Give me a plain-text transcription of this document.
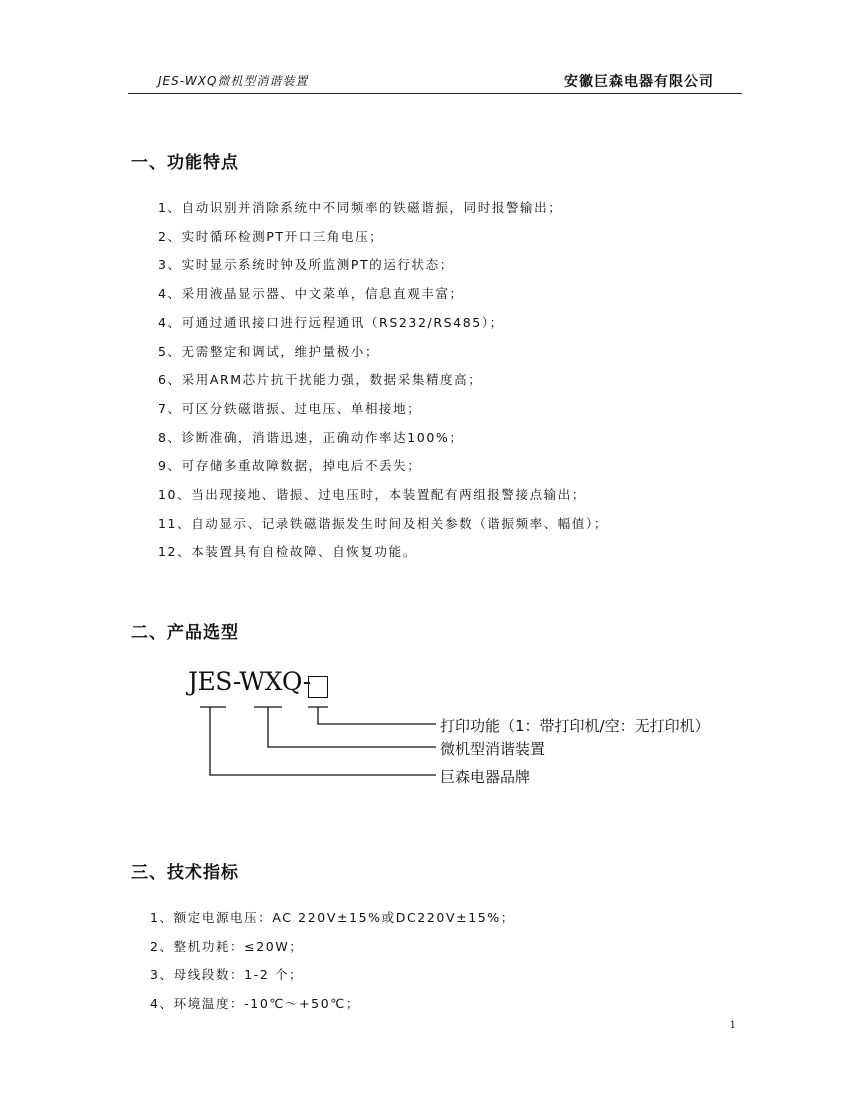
JES-WXQ微机型消谐装置	安徽巨森电器有限公司
一、功能特点
1、自动识别并消除系统中不同频率的铁磁谐振，同时报警输出；
2、实时循环检测PT开口三角电压；
3、实时显示系统时钟及所监测PT的运行状态；
4、采用液晶显示器、中文菜单，信息直观丰富；
4、可通过通讯接口进行远程通讯（RS232/RS485）；
5、无需整定和调试，维护量极小；
6、采用ARM芯片抗干扰能力强，数据采集精度高；
7、可区分铁磁谐振、过电压、单相接地；
8、诊断准确，消谐迅速，正确动作率达100%；
9、可存储多重故障数据，掉电后不丢失；
10、当出现接地、谐振、过电压时，本装置配有两组报警接点输出；
11、自动显示、记录铁磁谐振发生时间及相关参数（谐振频率、幅值）；
12、本装置具有自检故障、自恢复功能。
二、产品选型
JES-WXQ-
打印功能（1：带打印机/空：无打印机）
微机型消谐装置
巨森电器品牌
三、技术指标
1、额定电源电压：AC 220V±15%或DC220V±15%；
2、整机功耗：≤20W；
3、母线段数：1-2 个；
4、环境温度：-10℃～+50℃；
1
